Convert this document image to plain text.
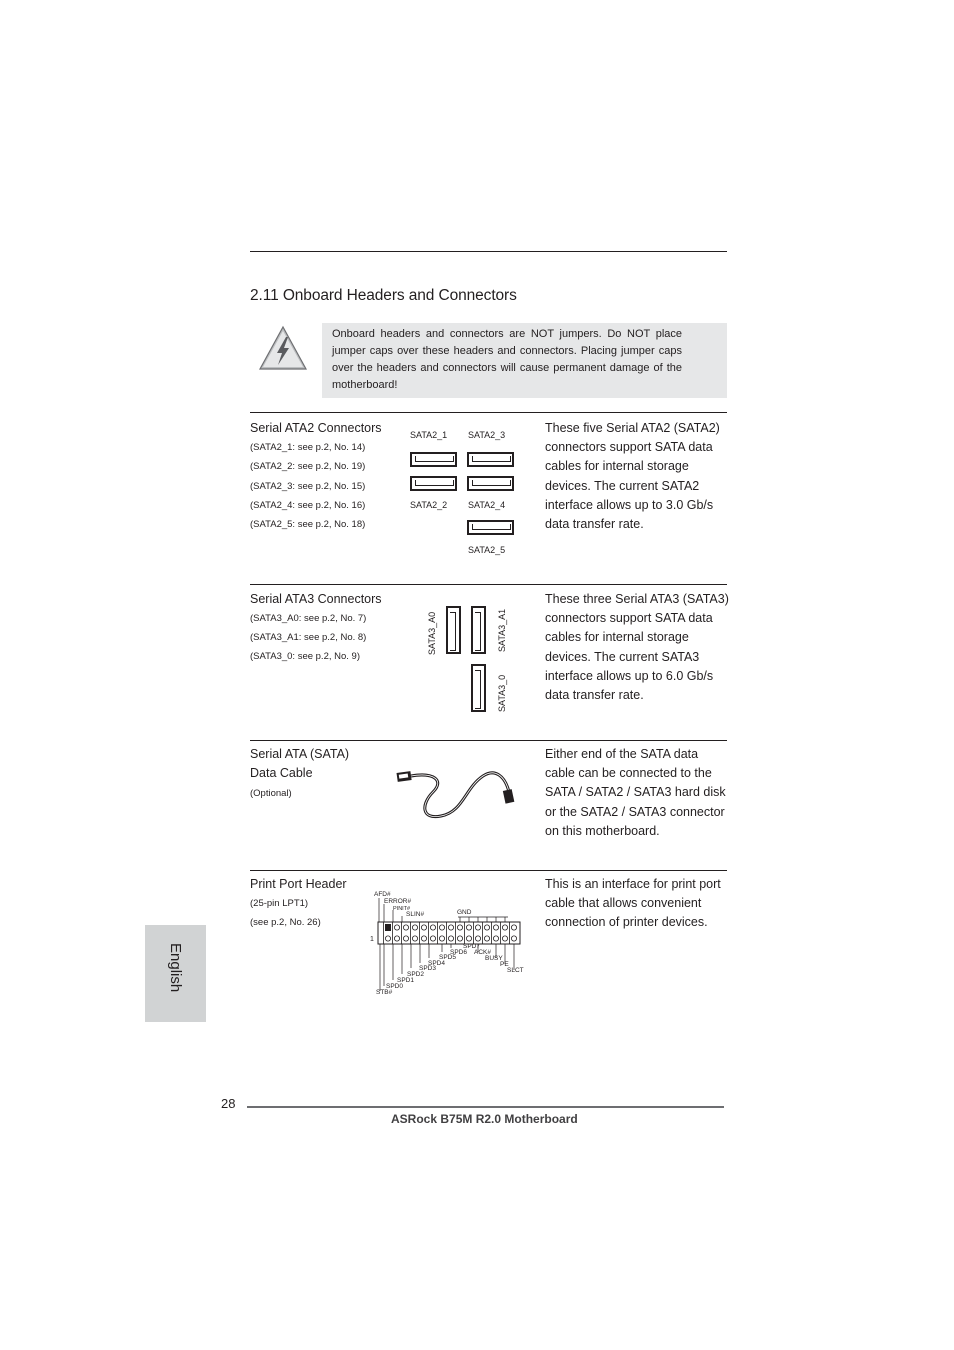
2.11 Onboard Headers and Connectors
Onboard headers and connectors are NOT jumpers. Do NOT place jumper caps over these headers and connectors. Placing jumper caps over the headers and connectors will cause permanent damage of the motherboard!
Serial ATA2 Connectors
(SATA2_1: see p.2, No. 14)
(SATA2_2: see p.2, No. 19)
(SATA2_3: see p.2, No. 15)
(SATA2_4: see p.2, No. 16)
(SATA2_5: see p.2, No. 18)
SATA2_1 SATA2_3
SATA2_2 SATA2_4
SATA2_5
These five Serial ATA2 (SATA2) connectors support SATA data cables for internal storage devices. The current SATA2 interface allows up to 3.0 Gb/s data transfer rate.
Serial ATA3 Connectors
(SATA3_A0: see p.2, No. 7)
(SATA3_A1: see p.2, No. 8)
(SATA3_0: see p.2, No. 9)
SATA3_A0	SATA3_A1
SATA3_0
These three Serial ATA3 (SATA3) connectors support SATA data cables for internal storage devices. The current SATA3 interface allows up to 6.0 Gb/s data transfer rate.
Serial ATA (SATA)
Data Cable
(Optional)
Either end of the SATA data cable can be connected to the SATA / SATA2 / SATA3 hard disk or the SATA2 / SATA3 connector on this motherboard.
Print Port Header
(25-pin LPT1)
(see p.2, No. 26)
AFD#
ERROR#
PINIT#
SLIN#	GND
1
SPD7
SPD6 ACK#
SPD5	BUSY
SPD4	PE
SPD3	SLCT
SPD2
SPD1
SPD0
STB#
This is an interface for print port cable that allows convenient connection of printer devices.
English
28
ASRock B75M R2.0 Motherboard
